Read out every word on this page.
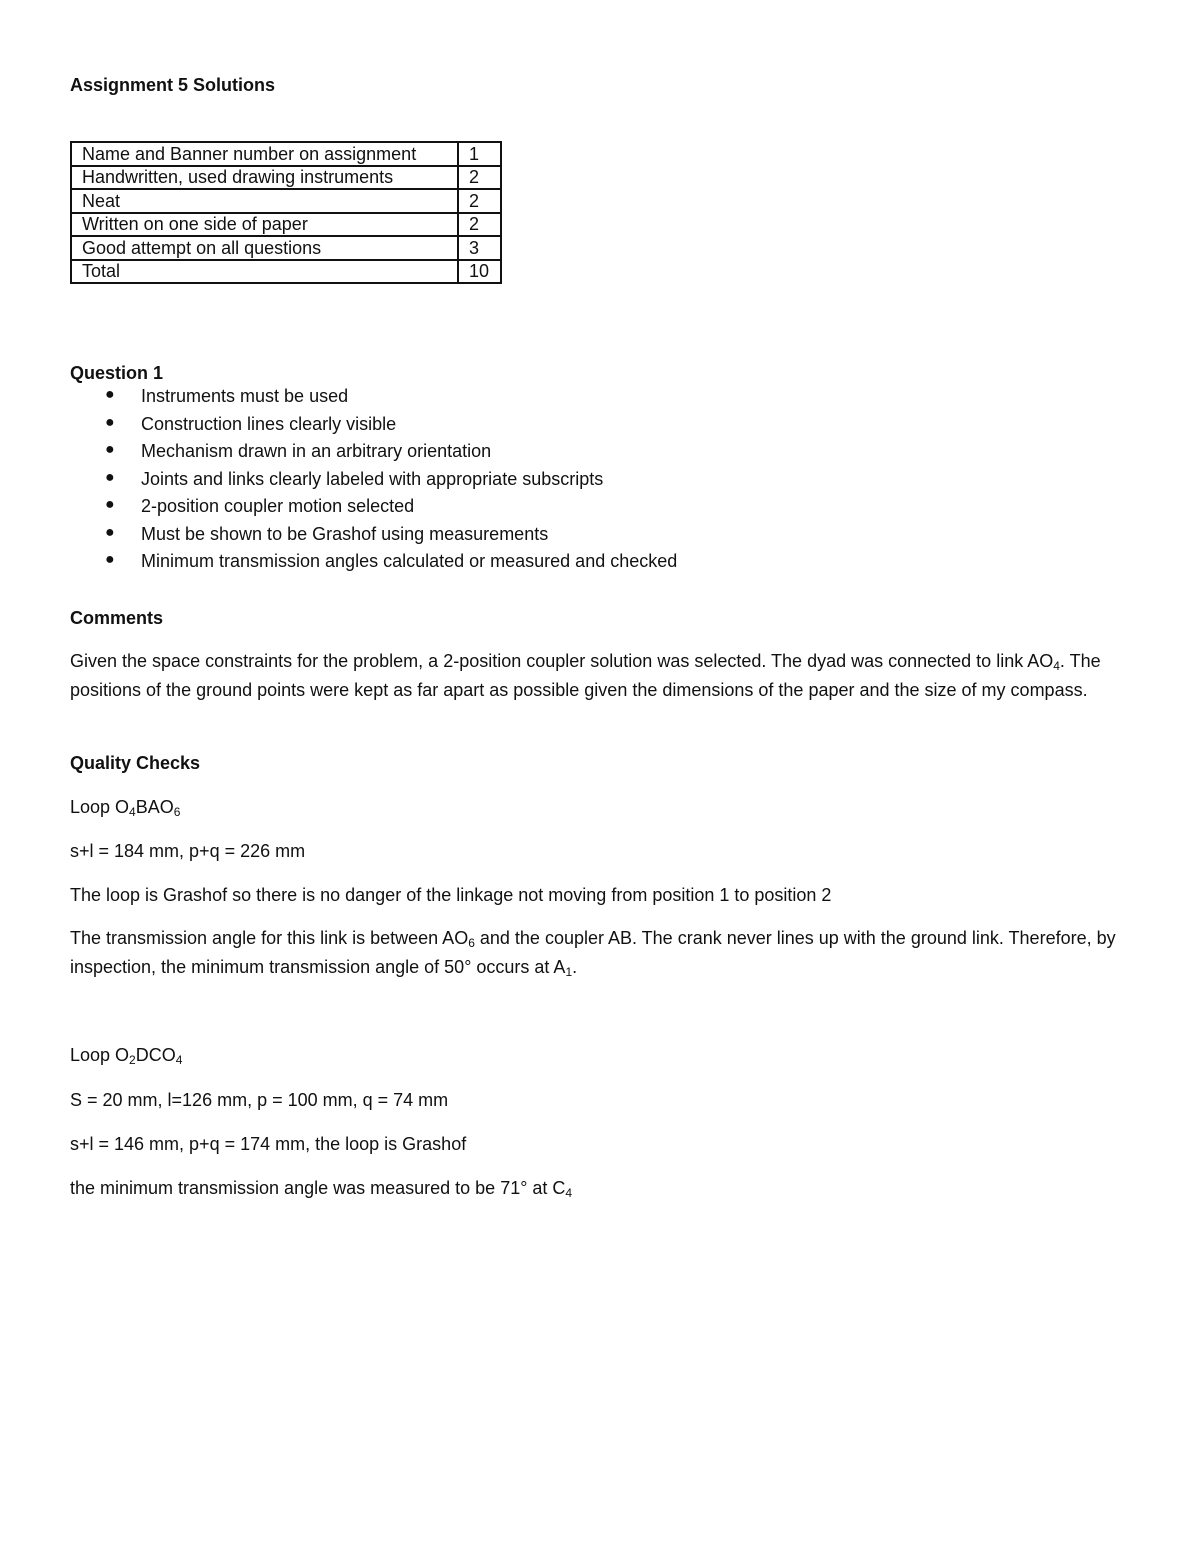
Assignment 5 Solutions
Name and Banner number on assignment	1
Handwritten, used drawing instruments	2
Neat	2
Written on one side of paper	2
Good attempt on all questions	3
Total	10
Question 1
● Instruments must be used
● Construction lines clearly visible
● Mechanism drawn in an arbitrary orientation
● Joints and links clearly labeled with appropriate subscripts
● 2-position coupler motion selected
● Must be shown to be Grashof using measurements
● Minimum transmission angles calculated or measured and checked
Comments
Given the space constraints for the problem, a 2-position coupler solution was selected. The dyad was connected to link $AO_4$. The positions of the ground points were kept as far apart as possible given the dimensions of the paper and the size of my compass.
Quality Checks
Loop $O_4BAO_6$
s+l = 184 mm, p+q = 226 mm
The loop is Grashof so there is no danger of the linkage not moving from position 1 to position 2
The transmission angle for this link is between $AO_6$ and the coupler AB. The crank never lines up with the ground link. Therefore, by inspection, the minimum transmission angle of 50° occurs at $A_1$.
Loop $O_2DCO_4$
S = 20 mm, l=126 mm, p = 100 mm, q = 74 mm
s+l = 146 mm, p+q = 174 mm, the loop is Grashof
the minimum transmission angle was measured to be 71° at $C_4$
